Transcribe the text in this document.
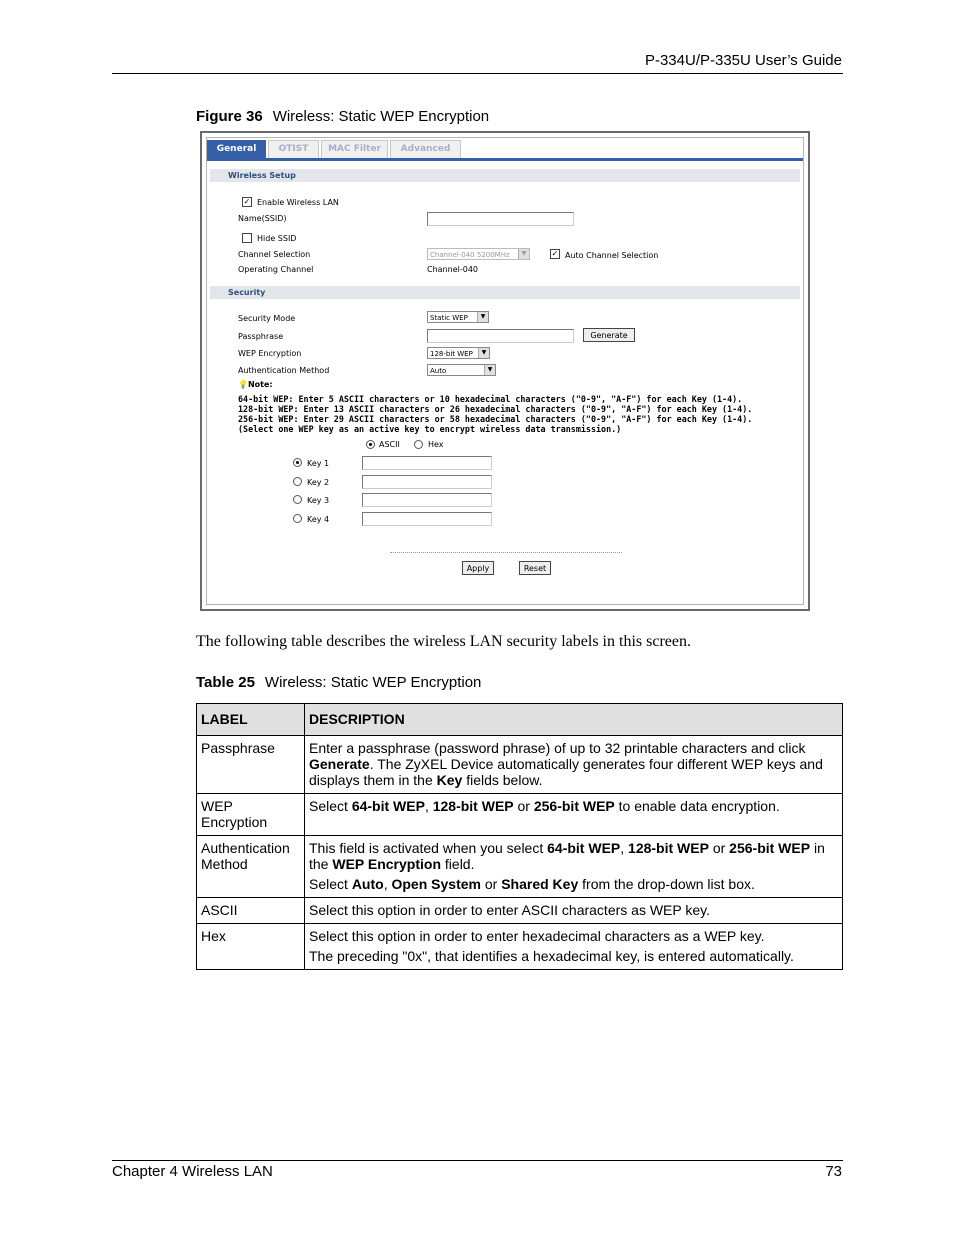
P-334U/P-335U User’s Guide
Figure 36 Wireless: Static WEP Encryption
General	OTIST	MAC Filter	Advanced
Wireless Setup
✓ Enable Wireless LAN
Name(SSID)
Hide SSID
Channel Selection	Channel-040 5200MHz	▼	✓ Auto Channel Selection
Operating Channel	Channel-040
Security
Security Mode	Static WEP	▼
Passphrase	Generate
WEP Encryption	128-bit WEP	▼
Authentication Method	Auto	▼
💡Note:
64-bit WEP: Enter 5 ASCII characters or 10 hexadecimal characters ("0-9", "A-F") for each Key (1-4).
128-bit WEP: Enter 13 ASCII characters or 26 hexadecimal characters ("0-9", "A-F") for each Key (1-4).
256-bit WEP: Enter 29 ASCII characters or 58 hexadecimal characters ("0-9", "A-F") for each Key (1-4).
(Select one WEP key as an active key to encrypt wireless data transmission.)
ASCII	Hex
Key 1
Key 2
Key 3
Key 4
Apply	Reset
The following table describes the wireless LAN security labels in this screen.
Table 25 Wireless: Static WEP Encryption
LABEL	DESCRIPTION
Passphrase	Enter a passphrase (password phrase) of up to 32 printable characters and click Generate. The ZyXEL Device automatically generates four different WEP keys and displays them in the Key fields below.
WEP Encryption	Select 64-bit WEP, 128-bit WEP or 256-bit WEP to enable data encryption.
Authentication Method	This field is activated when you select 64-bit WEP, 128-bit WEP or 256-bit WEP in the WEP Encryption field.

Select Auto, Open System or Shared Key from the drop-down list box.

ASCII	Select this option in order to enter ASCII characters as WEP key.
Hex	Select this option in order to enter hexadecimal characters as a WEP key.

The preceding "0x", that identifies a hexadecimal key, is entered automatically.

Chapter 4 Wireless LAN	73
